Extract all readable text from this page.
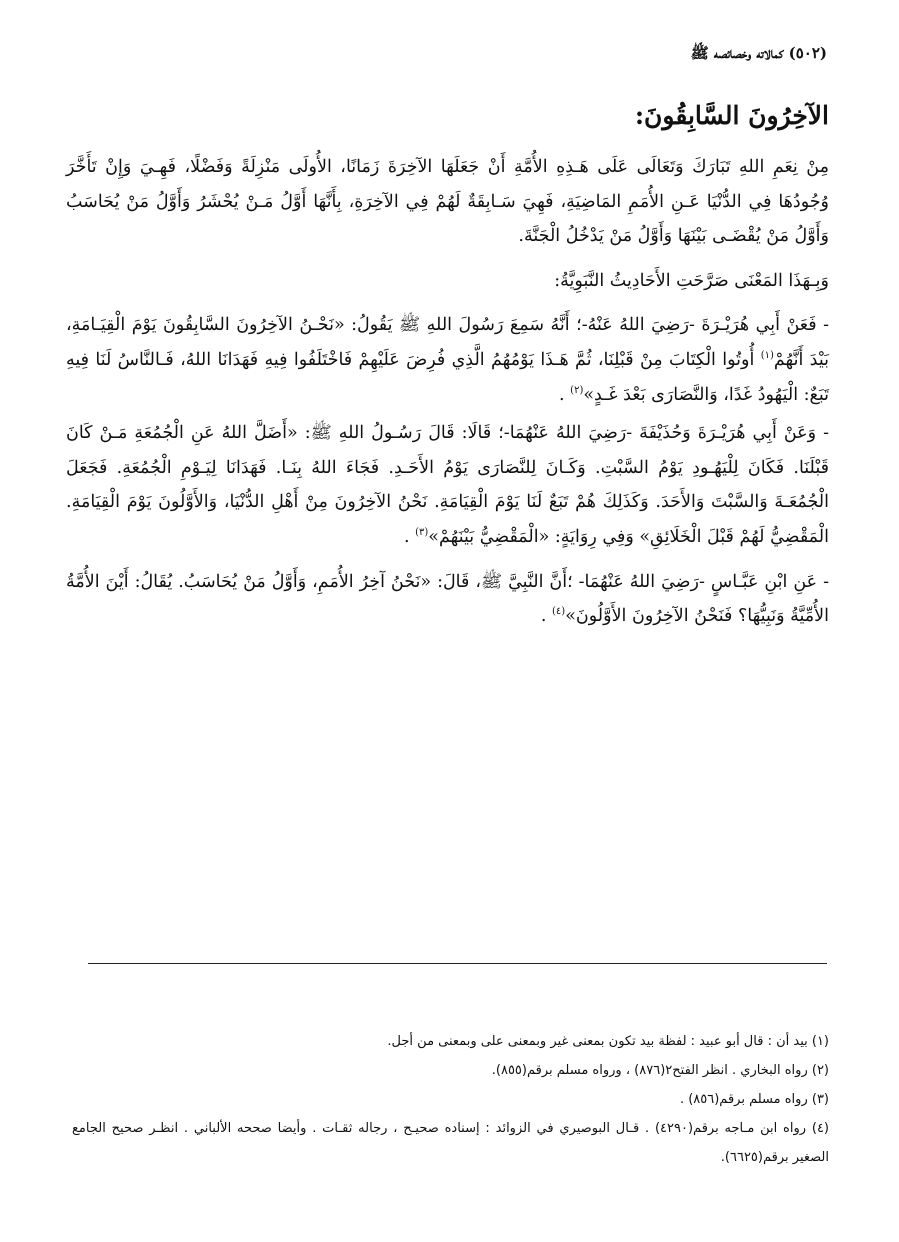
(٥٠٢) كمالاته وخصائصه ﷺ
الآخِرُونَ السَّابِقُونَ:

مِنْ نِعَمِ اللهِ تَبَارَكَ وَتَعَالَى عَلَى هَـذِهِ الأُمَّةِ أَنْ جَعَلَهَا الآخِرَةَ زَمَانًا، الأُولَى مَنْزِلَةً وَفَضْلًا، فَهِـيَ وَإِنْ تَأَخَّرَ وُجُودُهَا فِي الدُّنْيَا عَـنِ الأُمَمِ المَاضِيَةِ، فَهِيَ سَـابِقَةٌ لَهُمْ فِي الآخِرَةِ، بِأَنَّهَا أَوَّلُ مَـنْ يُحْشَرُ وَأَوَّلُ مَنْ يُحَاسَبُ وَأَوَّلُ مَنْ يُقْضَـى بَيْنَهَا وَأَوَّلُ مَنْ يَدْخُلُ الْجَنَّةَ.

وَبِـهَذَا المَعْنَى صَرَّحَتِ الأَحَادِيثُ النَّبَوِيَّةُ:

- فَعَنْ أَبِي هُرَيْـرَةَ -رَضِيَ اللهُ عَنْهُ-؛ أَنَّهُ سَمِعَ رَسُولَ اللهِ ﷺ يَقُولُ: «نَحْـنُ الآخِرُونَ السَّابِقُونَ يَوْمَ الْقِيَـامَةِ، بَيْدَ أَنَّهُمْ$^{(١)}$ أُوتُوا الْكِتَابَ مِنْ قَبْلِنَا، ثُمَّ هَـذَا يَوْمُهُمُ الَّذِي فُرِضَ عَلَيْهِمْ فَاخْتَلَفُوا فِيهِ فَهَدَانَا اللهُ، فَـالنَّاسُ لَنَا فِيهِ تَبَعٌ: الْيَهُودُ غَدًا، وَالنَّصَارَى بَعْدَ غَـدٍ»$^{(٢)}$ .

- وَعَنْ أَبِي هُرَيْـرَةَ وَحُذَيْفَةَ -رَضِيَ اللهُ عَنْهُمَا-؛ قَالَا: قَالَ رَسُـولُ اللهِ ﷺ: «أَضَلَّ اللهُ عَنِ الْجُمُعَةِ مَـنْ كَانَ قَبْلَنَا. فَكَانَ لِلْيَهُـودِ يَوْمُ السَّبْتِ. وَكَـانَ لِلنَّصَارَى يَوْمُ الأَحَـدِ. فَجَاءَ اللهُ بِنَـا. فَهَدَانَا لِيَـوْمِ الْجُمُعَةِ. فَجَعَلَ الْجُمُعَـةَ وَالسَّبْتَ وَالأَحَدَ. وَكَذَلِكَ هُمْ تَبَعٌ لَنَا يَوْمَ الْقِيَامَةِ. نَحْنُ الآخِرُونَ مِنْ أَهْلِ الدُّنْيَا، وَالأَوَّلُونَ يَوْمَ الْقِيَامَةِ. الْمَقْضِيُّ لَهُمْ قَبْلَ الْخَلَائِقِ» وَفِي رِوَايَةٍ: «الْمَقْضِيُّ بَيْنَهُمْ»$^{(٣)}$ .

- عَنِ ابْنِ عَبَّـاسٍ -رَضِيَ اللهُ عَنْهُمَا- ؛أَنَّ النَّبِيَّ ﷺ، قَالَ: «نَحْنُ آخِرُ الأُمَمِ، وَأَوَّلُ مَنْ يُحَاسَبُ. يُقَالُ: أَيْنَ الأُمَّةُ الأُمِّيَّةُ وَنَبِيُّهَا؟ فَنَحْنُ الآخِرُونَ الأَوَّلُونَ»$^{(٤)}$ .

(١) بيد أن : قال أبو عبيد : لفظة بيد تكون بمعنى غير وبمعنى على وبمعنى من أجل.

(٢) رواه البخاري . انظر الفتح٢(٨٧٦) ، ورواه مسلم برقم(٨٥٥).

(٣) رواه مسلم برقم(٨٥٦) .

(٤) رواه ابن مـاجه برقم(٤٢٩٠) . قـال البوصيري في الزوائد : إسناده صحيـح ، رجاله ثقـات . وأيضا صححه الألباني . انظـر صحيح الجامع الصغير برقم(٦٦٢٥).
